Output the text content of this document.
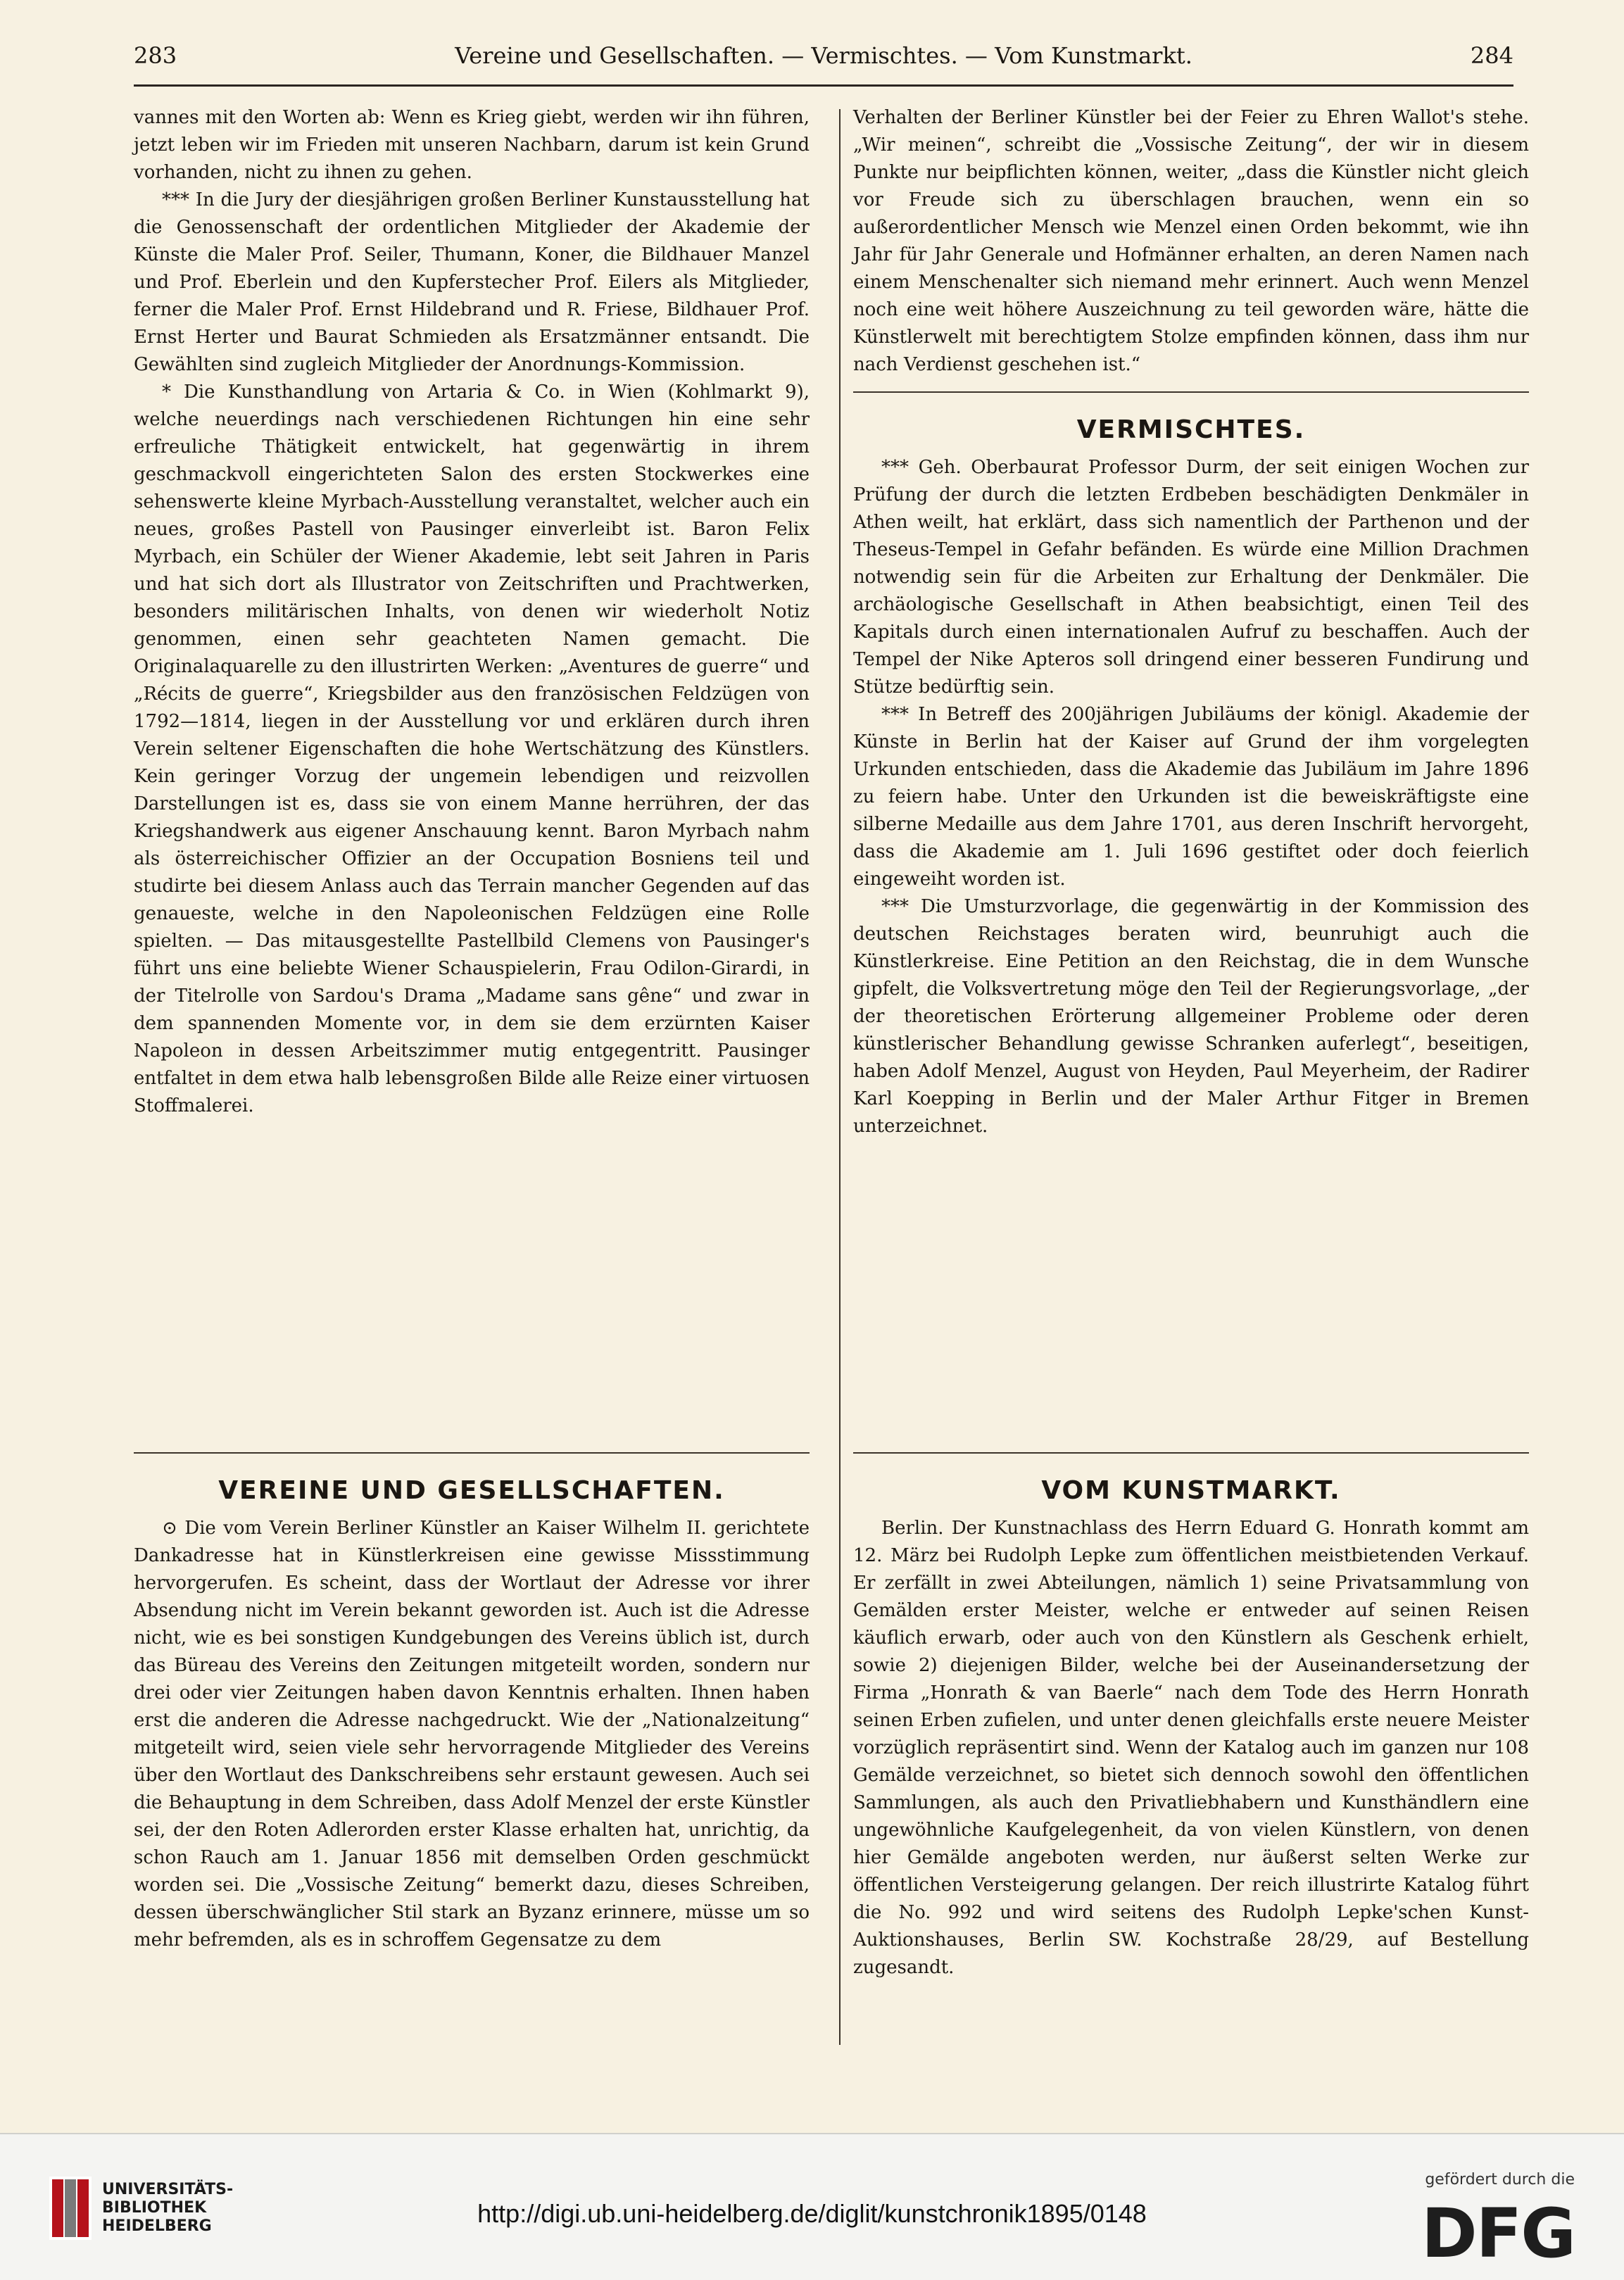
283	Vereine und Gesellschaften. — Vermischtes. — Vom Kunstmarkt.	284

vannes mit den Worten ab: Wenn es Krieg giebt, werden wir ihn führen, jetzt leben wir im Frieden mit unseren Nachbarn, darum ist kein Grund vorhanden, nicht zu ihnen zu gehen.

*** In die Jury der diesjährigen großen Berliner Kunstausstellung hat die Genossenschaft der ordentlichen Mitglieder der Akademie der Künste die Maler Prof. Seiler, Thumann, Koner, die Bildhauer Manzel und Prof. Eberlein und den Kupferstecher Prof. Eilers als Mitglieder, ferner die Maler Prof. Ernst Hildebrand und R. Friese, Bildhauer Prof. Ernst Herter und Baurat Schmieden als Ersatzmänner entsandt. Die Gewählten sind zugleich Mitglieder der Anordnungs-Kommission.

* Die Kunsthandlung von Artaria & Co. in Wien (Kohlmarkt 9), welche neuerdings nach verschiedenen Richtungen hin eine sehr erfreuliche Thätigkeit entwickelt, hat gegenwärtig in ihrem geschmackvoll eingerichteten Salon des ersten Stockwerkes eine sehenswerte kleine Myrbach-Ausstellung veranstaltet, welcher auch ein neues, großes Pastell von Pausinger einverleibt ist. Baron Felix Myrbach, ein Schüler der Wiener Akademie, lebt seit Jahren in Paris und hat sich dort als Illustrator von Zeitschriften und Prachtwerken, besonders militärischen Inhalts, von denen wir wiederholt Notiz genommen, einen sehr geachteten Namen gemacht. Die Originalaquarelle zu den illustrirten Werken: „Aventures de guerre“ und „Récits de guerre“, Kriegsbilder aus den französischen Feldzügen von 1792—1814, liegen in der Ausstellung vor und erklären durch ihren Verein seltener Eigenschaften die hohe Wertschätzung des Künstlers. Kein geringer Vorzug der ungemein lebendigen und reizvollen Darstellungen ist es, dass sie von einem Manne herrühren, der das Kriegshandwerk aus eigener Anschauung kennt. Baron Myrbach nahm als österreichischer Offizier an der Occupation Bosniens teil und studirte bei diesem Anlass auch das Terrain mancher Gegenden auf das genaueste, welche in den Napoleonischen Feldzügen eine Rolle spielten. — Das mitausgestellte Pastellbild Clemens von Pausinger's führt uns eine beliebte Wiener Schauspielerin, Frau Odilon-Girardi, in der Titelrolle von Sardou's Drama „Madame sans gêne“ und zwar in dem spannenden Momente vor, in dem sie dem erzürnten Kaiser Napoleon in dessen Arbeitszimmer mutig entgegentritt. Pausinger entfaltet in dem etwa halb lebensgroßen Bilde alle Reize einer virtuosen Stoffmalerei.

Verhalten der Berliner Künstler bei der Feier zu Ehren Wallot's stehe. „Wir meinen“, schreibt die „Vossische Zeitung“, der wir in diesem Punkte nur beipflichten können, weiter, „dass die Künstler nicht gleich vor Freude sich zu überschlagen brauchen, wenn ein so außerordentlicher Mensch wie Menzel einen Orden bekommt, wie ihn Jahr für Jahr Generale und Hofmänner erhalten, an deren Namen nach einem Menschenalter sich niemand mehr erinnert. Auch wenn Menzel noch eine weit höhere Auszeichnung zu teil geworden wäre, hätte die Künstlerwelt mit berechtigtem Stolze empfinden können, dass ihm nur nach Verdienst geschehen ist.“

VERMISCHTES.

*** Geh. Oberbaurat Professor Durm, der seit einigen Wochen zur Prüfung der durch die letzten Erdbeben beschädigten Denkmäler in Athen weilt, hat erklärt, dass sich namentlich der Parthenon und der Theseus-Tempel in Gefahr befänden. Es würde eine Million Drachmen notwendig sein für die Arbeiten zur Erhaltung der Denkmäler. Die archäologische Gesellschaft in Athen beabsichtigt, einen Teil des Kapitals durch einen internationalen Aufruf zu beschaffen. Auch der Tempel der Nike Apteros soll dringend einer besseren Fundirung und Stütze bedürftig sein.

*** In Betreff des 200jährigen Jubiläums der königl. Akademie der Künste in Berlin hat der Kaiser auf Grund der ihm vorgelegten Urkunden entschieden, dass die Akademie das Jubiläum im Jahre 1896 zu feiern habe. Unter den Urkunden ist die beweiskräftigste eine silberne Medaille aus dem Jahre 1701, aus deren Inschrift hervorgeht, dass die Akademie am 1. Juli 1696 gestiftet oder doch feierlich eingeweiht worden ist.

*** Die Umsturzvorlage, die gegenwärtig in der Kommission des deutschen Reichstages beraten wird, beunruhigt auch die Künstlerkreise. Eine Petition an den Reichstag, die in dem Wunsche gipfelt, die Volksvertretung möge den Teil der Regierungsvorlage, „der der theoretischen Erörterung allgemeiner Probleme oder deren künstlerischer Behandlung gewisse Schranken auferlegt“, beseitigen, haben Adolf Menzel, August von Heyden, Paul Meyerheim, der Radirer Karl Koepping in Berlin und der Maler Arthur Fitger in Bremen unterzeichnet.

VEREINE UND GESELLSCHAFTEN.

⊙ Die vom Verein Berliner Künstler an Kaiser Wilhelm II. gerichtete Dankadresse hat in Künstlerkreisen eine gewisse Missstimmung hervorgerufen. Es scheint, dass der Wortlaut der Adresse vor ihrer Absendung nicht im Verein bekannt geworden ist. Auch ist die Adresse nicht, wie es bei sonstigen Kundgebungen des Vereins üblich ist, durch das Büreau des Vereins den Zeitungen mitgeteilt worden, sondern nur drei oder vier Zeitungen haben davon Kenntnis erhalten. Ihnen haben erst die anderen die Adresse nachgedruckt. Wie der „Nationalzeitung“ mitgeteilt wird, seien viele sehr hervorragende Mitglieder des Vereins über den Wortlaut des Dankschreibens sehr erstaunt gewesen. Auch sei die Behauptung in dem Schreiben, dass Adolf Menzel der erste Künstler sei, der den Roten Adlerorden erster Klasse erhalten hat, unrichtig, da schon Rauch am 1. Januar 1856 mit demselben Orden geschmückt worden sei. Die „Vossische Zeitung“ bemerkt dazu, dieses Schreiben, dessen überschwänglicher Stil stark an Byzanz erinnere, müsse um so mehr befremden, als es in schroffem Gegensatze zu dem

VOM KUNSTMARKT.

Berlin. Der Kunstnachlass des Herrn Eduard G. Honrath kommt am 12. März bei Rudolph Lepke zum öffentlichen meistbietenden Verkauf. Er zerfällt in zwei Abteilungen, nämlich 1) seine Privatsammlung von Gemälden erster Meister, welche er entweder auf seinen Reisen käuflich erwarb, oder auch von den Künstlern als Geschenk erhielt, sowie 2) diejenigen Bilder, welche bei der Auseinandersetzung der Firma „Honrath & van Baerle“ nach dem Tode des Herrn Honrath seinen Erben zufielen, und unter denen gleichfalls erste neuere Meister vorzüglich repräsentirt sind. Wenn der Katalog auch im ganzen nur 108 Gemälde verzeichnet, so bietet sich dennoch sowohl den öffentlichen Sammlungen, als auch den Privatliebhabern und Kunsthändlern eine ungewöhnliche Kaufgelegenheit, da von vielen Künstlern, von denen hier Gemälde angeboten werden, nur äußerst selten Werke zur öffentlichen Versteigerung gelangen. Der reich illustrirte Katalog führt die No. 992 und wird seitens des Rudolph Lepke'schen Kunst-Auktionshauses, Berlin SW. Kochstraße 28/29, auf Bestellung zugesandt.

UNIVERSITÄTS-
BIBLIOTHEK
HEIDELBERG	http://digi.ub.uni-heidelberg.de/diglit/kunstchronik1895/0148
gefördert durch die
DFG
